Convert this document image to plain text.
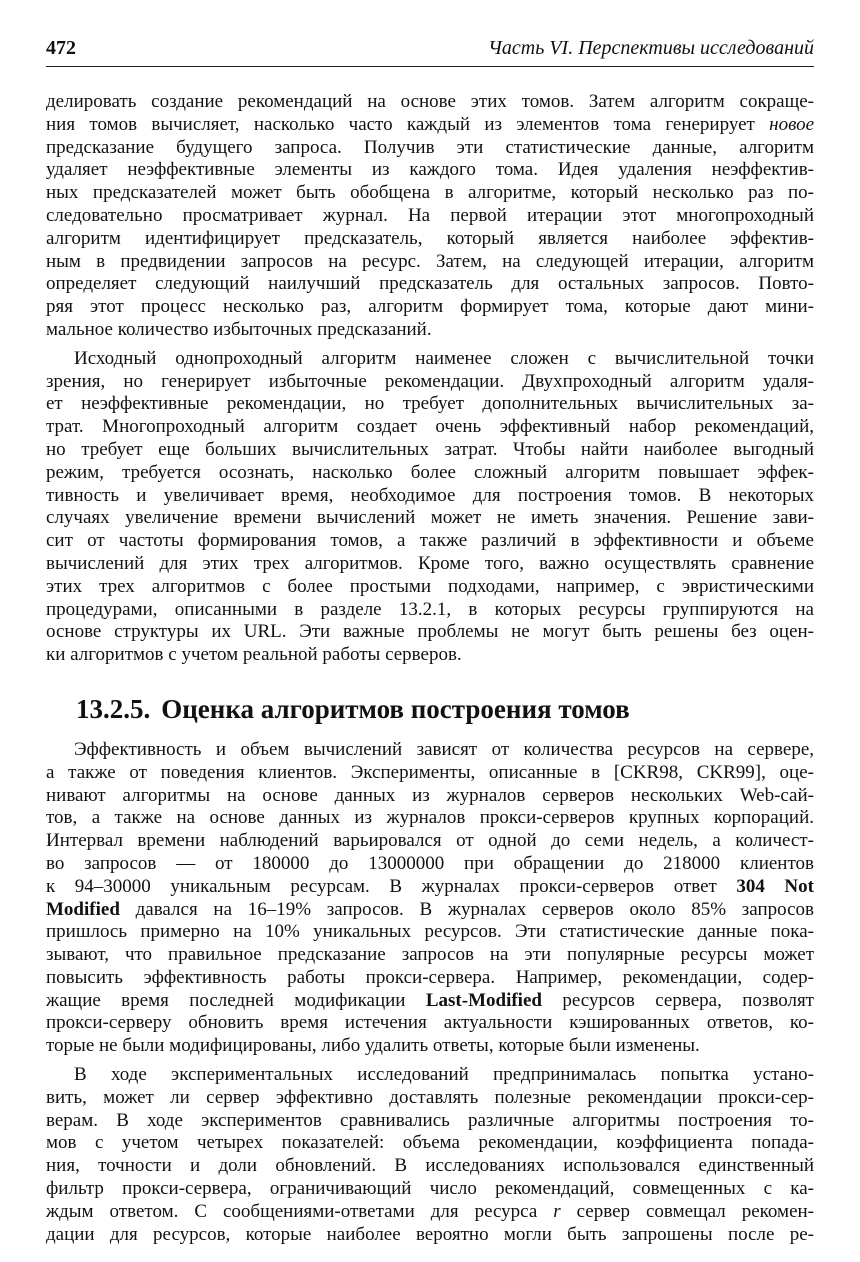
472	Часть VI. Перспективы исследований

делировать создание рекомендаций на основе этих томов. Затем алгоритм сокраще-
ния томов вычисляет, насколько часто каждый из элементов тома генерирует новое
предсказание будущего запроса. Получив эти статистические данные, алгоритм
удаляет неэффективные элементы из каждого тома. Идея удаления неэффектив-
ных предсказателей может быть обобщена в алгоритме, который несколько раз по-
следовательно просматривает журнал. На первой итерации этот многопроходный
алгоритм идентифицирует предсказатель, который является наиболее эффектив-
ным в предвидении запросов на ресурс. Затем, на следующей итерации, алгоритм
определяет следующий наилучший предсказатель для остальных запросов. Повто-
ряя этот процесс несколько раз, алгоритм формирует тома, которые дают мини-
мальное количество избыточных предсказаний.

Исходный однопроходный алгоритм наименее сложен с вычислительной точки
зрения, но генерирует избыточные рекомендации. Двухпроходный алгоритм удаля-
ет неэффективные рекомендации, но требует дополнительных вычислительных за-
трат. Многопроходный алгоритм создает очень эффективный набор рекомендаций,
но требует еще больших вычислительных затрат. Чтобы найти наиболее выгодный
режим, требуется осознать, насколько более сложный алгоритм повышает эффек-
тивность и увеличивает время, необходимое для построения томов. В некоторых
случаях увеличение времени вычислений может не иметь значения. Решение зави-
сит от частоты формирования томов, а также различий в эффективности и объеме
вычислений для этих трех алгоритмов. Кроме того, важно осуществлять сравнение
этих трех алгоритмов с более простыми подходами, например, с эвристическими
процедурами, описанными в разделе 13.2.1, в которых ресурсы группируются на
основе структуры их URL. Эти важные проблемы не могут быть решены без оцен-
ки алгоритмов с учетом реальной работы серверов.

13.2.5. Оценка алгоритмов построения томов

Эффективность и объем вычислений зависят от количества ресурсов на сервере,
а также от поведения клиентов. Эксперименты, описанные в [CKR98, CKR99], оце-
нивают алгоритмы на основе данных из журналов серверов нескольких Web-сай-
тов, а также на основе данных из журналов прокси-серверов крупных корпораций.
Интервал времени наблюдений варьировался от одной до семи недель, а количест-
во запросов — от 180000 до 13000000 при обращении до 218000 клиентов
к 94–30000 уникальным ресурсам. В журналах прокси-серверов ответ 304 Not
Modified давался на 16–19% запросов. В журналах серверов около 85% запросов
пришлось примерно на 10% уникальных ресурсов. Эти статистические данные пока-
зывают, что правильное предсказание запросов на эти популярные ресурсы может
повысить эффективность работы прокси-сервера. Например, рекомендации, содер-
жащие время последней модификации Last-Modified ресурсов сервера, позволят
прокси-серверу обновить время истечения актуальности кэшированных ответов, ко-
торые не были модифицированы, либо удалить ответы, которые были изменены.

В ходе экспериментальных исследований предпринималась попытка устано-
вить, может ли сервер эффективно доставлять полезные рекомендации прокси-сер-
верам. В ходе экспериментов сравнивались различные алгоритмы построения то-
мов с учетом четырех показателей: объема рекомендации, коэффициента попада-
ния, точности и доли обновлений. В исследованиях использовался единственный
фильтр прокси-сервера, ограничивающий число рекомендаций, совмещенных с ка-
ждым ответом. С сообщениями-ответами для ресурса r сервер совмещал рекомен-
дации для ресурсов, которые наиболее вероятно могли быть запрошены после ре-
